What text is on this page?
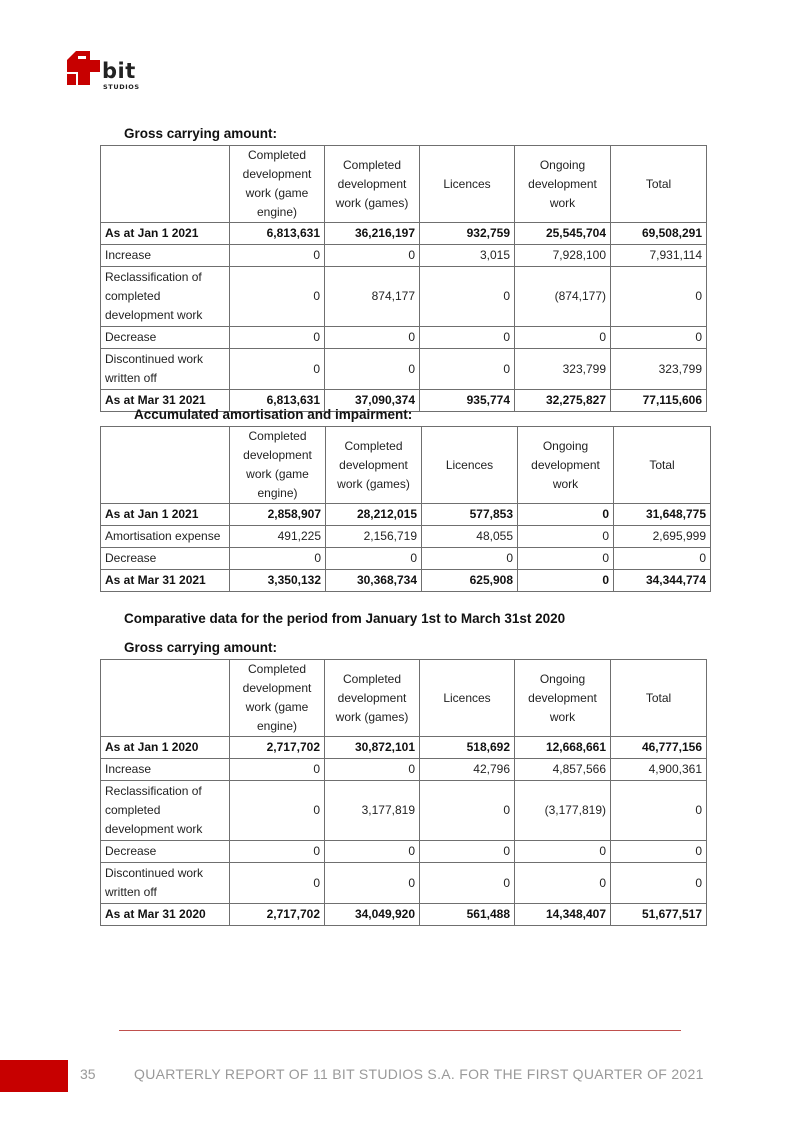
bit
STUDIOS
Gross carrying amount:
	Completed development work (game engine)	Completed development work (games)	Licences	Ongoing development work	Total
As at Jan 1 2021	6,813,631	36,216,197	932,759	25,545,704	69,508,291
Increase	0	0	3,015	7,928,100	7,931,114
Reclassification of completed development work	0	874,177	0	(874,177)	0
Decrease	0	0	0	0	0
Discontinued work written off	0	0	0	323,799	323,799
As at Mar 31 2021	6,813,631	37,090,374	935,774	32,275,827	77,115,606
Accumulated amortisation and impairment:
	Completed development work (game engine)	Completed development work (games)	Licences	Ongoing development work	Total
As at Jan 1 2021	2,858,907	28,212,015	577,853	0	31,648,775
Amortisation expense	491,225	2,156,719	48,055	0	2,695,999
Decrease	0	0	0	0	0
As at Mar 31 2021	3,350,132	30,368,734	625,908	0	34,344,774
Comparative data for the period from January 1st to March 31st 2020
Gross carrying amount:
	Completed development work (game engine)	Completed development work (games)	Licences	Ongoing development work	Total
As at Jan 1 2020	2,717,702	30,872,101	518,692	12,668,661	46,777,156
Increase	0	0	42,796	4,857,566	4,900,361
Reclassification of completed development work	0	3,177,819	0	(3,177,819)	0
Decrease	0	0	0	0	0
Discontinued work written off	0	0	0	0	0
As at Mar 31 2020	2,717,702	34,049,920	561,488	14,348,407	51,677,517
35	QUARTERLY REPORT OF 11 BIT STUDIOS S.A. FOR THE FIRST QUARTER OF 2021
